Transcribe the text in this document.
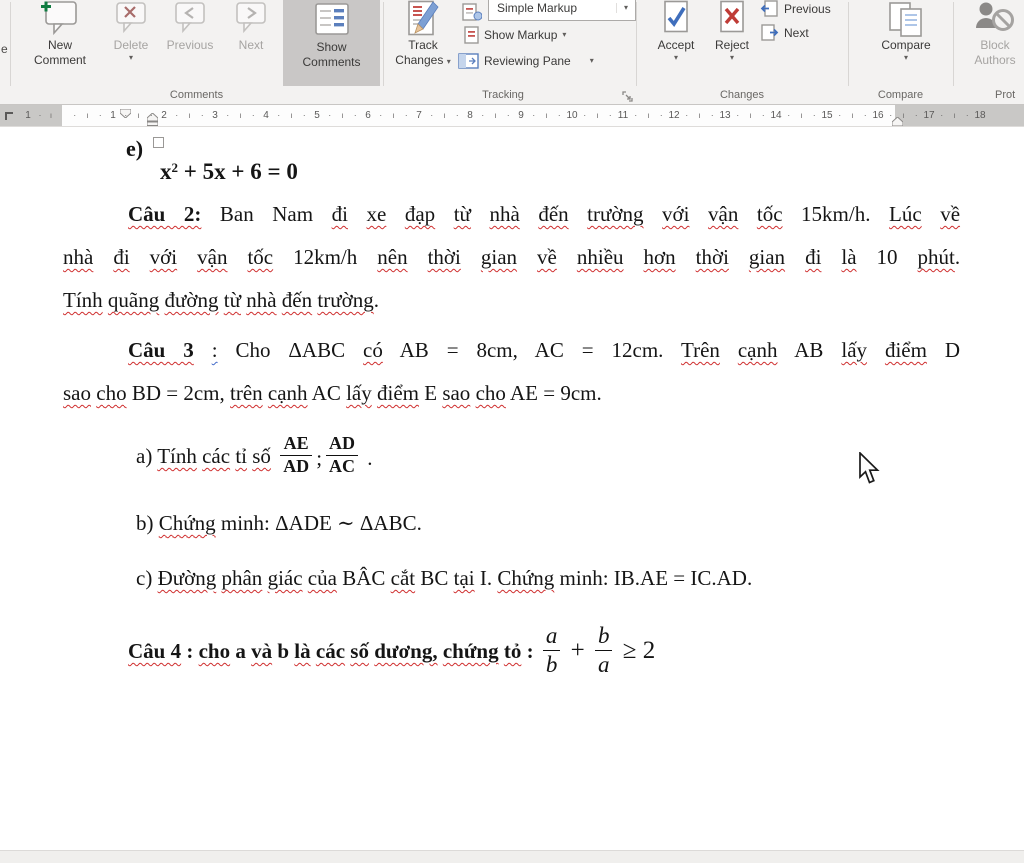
e	New
Comment
Delete
▾
Previous	Next	Show
Comments
Comments
Track
Changes ▾
Simple Markup	▾
Show Markup ▾
Reviewing Pane ▾
Tracking
Accept
▾
Reject
▾
Previous
Next
Changes
Compare
▾
Compare
Block
Authors
Prot
· ı · 1 · ı · 2 · ı · 3 · ı · 4 · ı · 5 · ı · 6 · ı · 7 · ı · 8 · ı · 9 · ı · 10 · ı · 11 · ı · 12 · ı · 13 · ı · 14 · ı · 15 · ı · 16 · ı · 17 · ı · 18
1 · ı
e)
$x^2 + 5x + 6 = 0$
Câu 2: Ban Nam đi xe đạp từ nhà đến trường với vận tốc 15km/h. Lúc về
nhà đi với vận tốc 12km/h nên thời gian về nhiều hơn thời gian đi là 10 phút.
Tính quãng đường từ nhà đến trường.
Câu 3 : Cho ΔABC có AB = 8cm, AC = 12cm. Trên cạnh AB lấy điểm D
sao cho BD = 2cm, trên cạnh AC lấy điểm E sao cho AE = 9cm.
a) Tính các tỉ số $\frac{AE}{AD}$ ; $\frac{AD}{AC}$ .
b) Chứng minh: ΔADE ∼ ΔABC.
c) Đường phân giác của BÂC cắt BC tại I. Chứng minh: IB.AE = IC.AD.
Câu 4 : cho a và b là các số dương, chứng tỏ : $\frac{a}{b} + \frac{b}{a} \ge 2$
